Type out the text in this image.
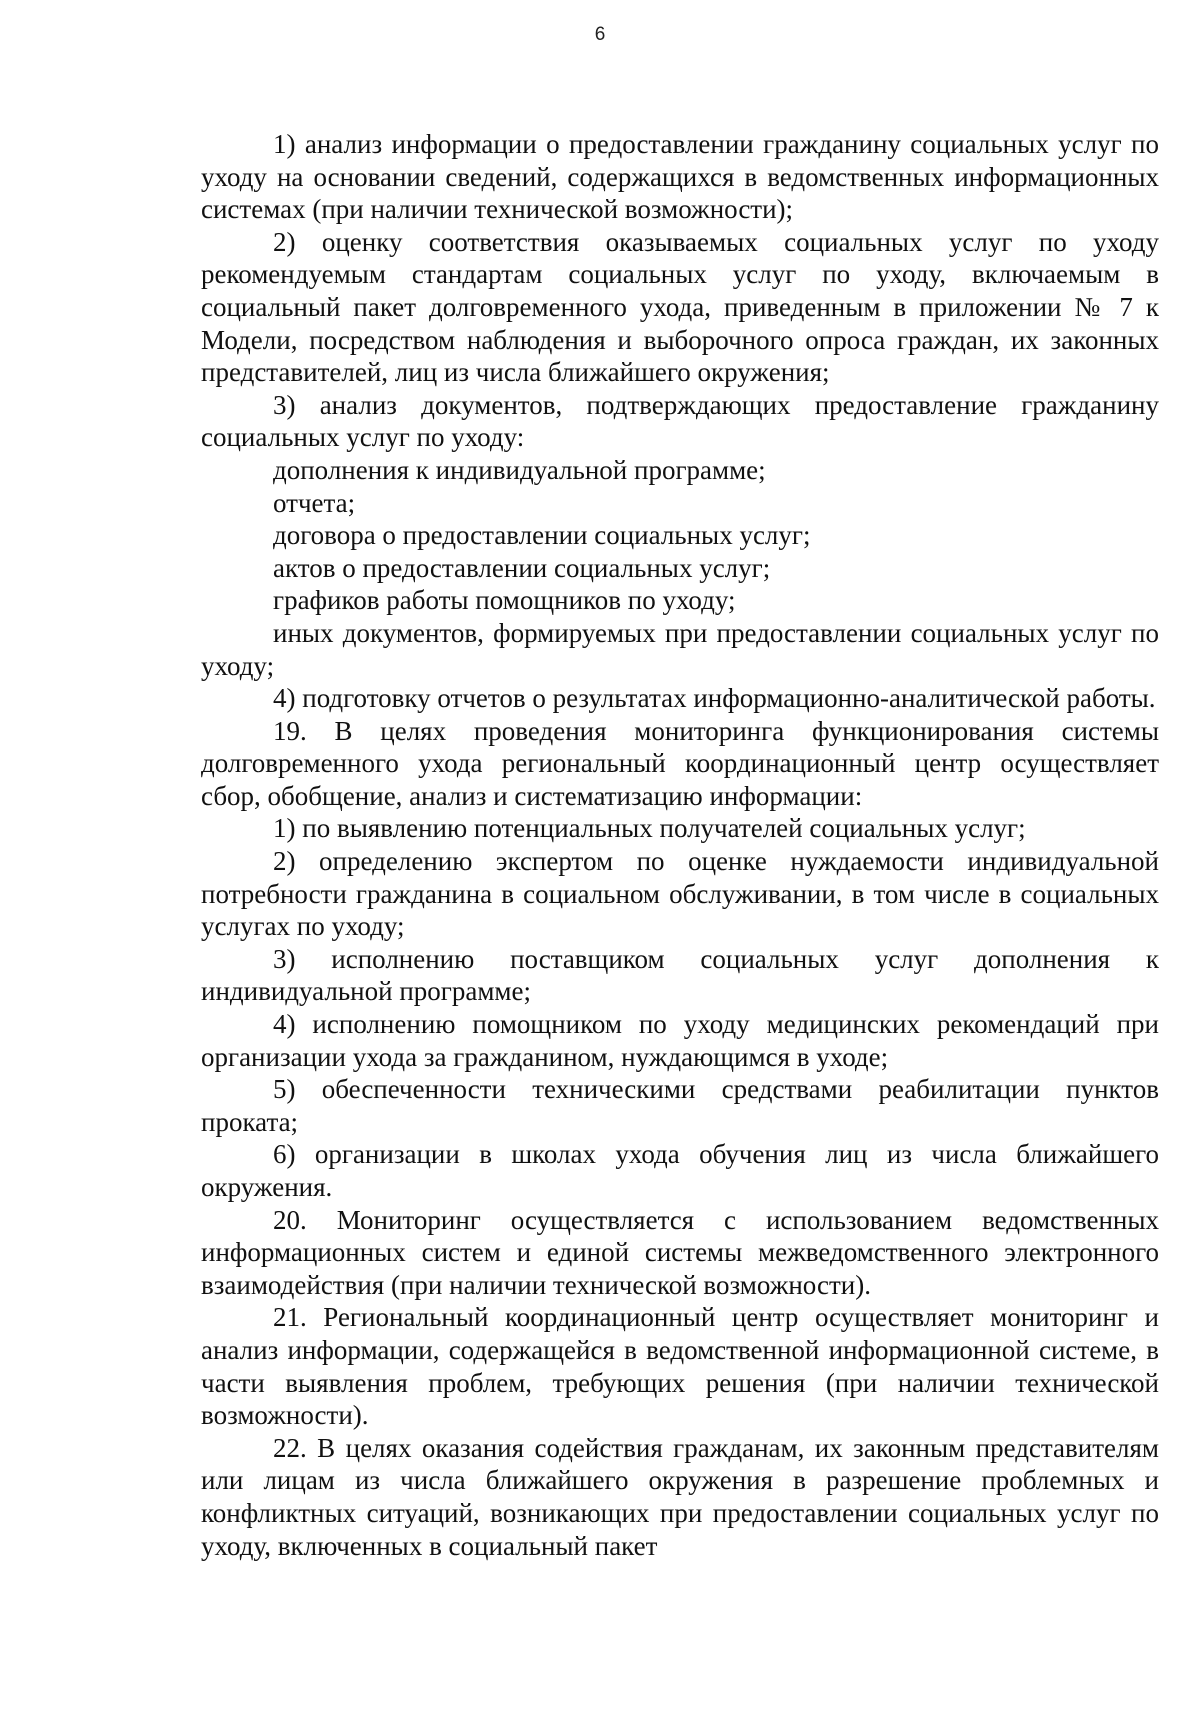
6

1) анализ информации о предоставлении гражданину социальных услуг по уходу на основании сведений, содержащихся в ведомственных информационных системах (при наличии технической возможности);

2) оценку соответствия оказываемых социальных услуг по уходу рекомендуемым стандартам социальных услуг по уходу, включаемым в социальный пакет долговременного ухода, приведенным в приложении № 7 к Модели, посредством наблюдения и выборочного опроса граждан, их законных представителей, лиц из числа ближайшего окружения;

3) анализ документов, подтверждающих предоставление гражданину социальных услуг по уходу:

дополнения к индивидуальной программе;

отчета;

договора о предоставлении социальных услуг;

актов о предоставлении социальных услуг;

графиков работы помощников по уходу;

иных документов, формируемых при предоставлении социальных услуг по уходу;

4) подготовку отчетов о результатах информационно-аналитической работы.

19. В целях проведения мониторинга функционирования системы долговременного ухода региональный координационный центр осуществляет сбор, обобщение, анализ и систематизацию информации:

1) по выявлению потенциальных получателей социальных услуг;

2) определению экспертом по оценке нуждаемости индивидуальной потребности гражданина в социальном обслуживании, в том числе в социальных услугах по уходу;

3) исполнению поставщиком социальных услуг дополнения к индивидуальной программе;

4) исполнению помощником по уходу медицинских рекомендаций при организации ухода за гражданином, нуждающимся в уходе;

5) обеспеченности техническими средствами реабилитации пунктов проката;

6) организации в школах ухода обучения лиц из числа ближайшего окружения.

20. Мониторинг осуществляется с использованием ведомственных информационных систем и единой системы межведомственного электронного взаимодействия (при наличии технической возможности).

21. Региональный координационный центр осуществляет мониторинг и анализ информации, содержащейся в ведомственной информационной системе, в части выявления проблем, требующих решения (при наличии технической возможности).

22. В целях оказания содействия гражданам, их законным представителям или лицам из числа ближайшего окружения в разрешение проблемных и конфликтных ситуаций, возникающих при предоставлении социальных услуг по уходу, включенных в социальный пакет
